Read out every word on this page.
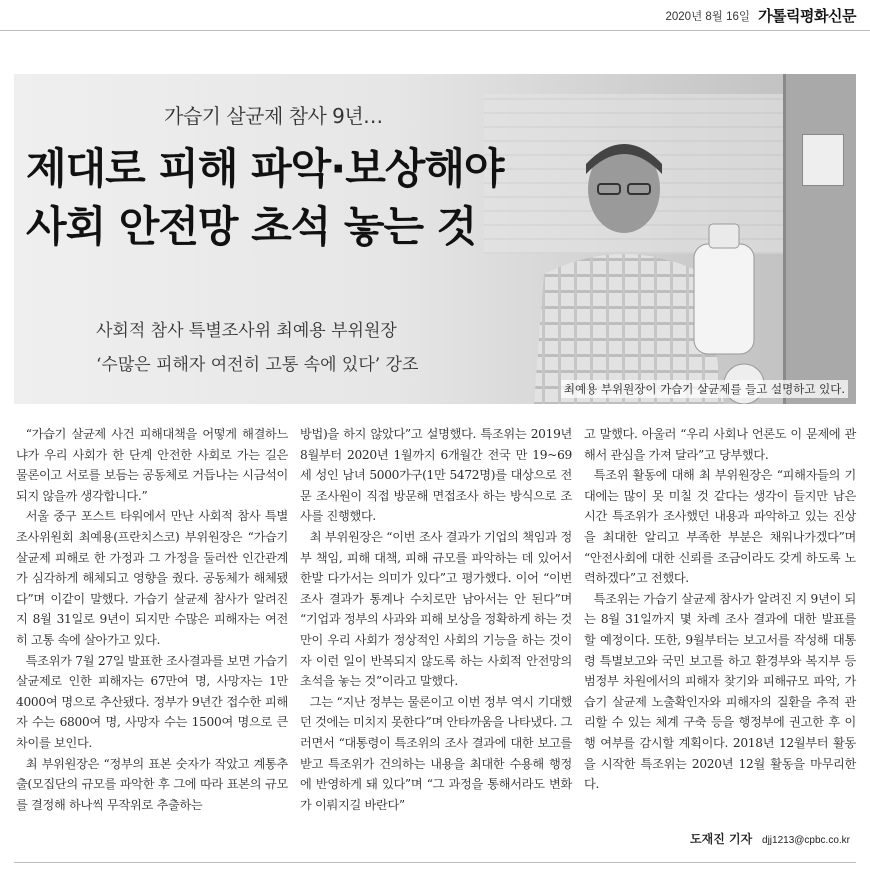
2020년 8월 16일 가톨릭평화신문
가습기 살균제 참사 9년…
제대로 피해 파악·보상해야
사회 안전망 초석 놓는 것
사회적 참사 특별조사위 최예용 부위원장
‘수많은 피해자 여전히 고통 속에 있다’ 강조
최예용 부위원장이 가습기 살균제를 들고 설명하고 있다.

“가습기 살균제 사건 피해대책을 어떻게 해결하느냐가 우리 사회가 한 단계 안전한 사회로 가는 길은 물론이고 서로를 보듬는 공동체로 거듭나는 시금석이 되지 않을까 생각합니다.”

서울 중구 포스트 타워에서 만난 사회적 참사 특별조사위원회 최예용(프란치스코) 부위원장은 “가습기 살균제 피해로 한 가정과 그 가정을 둘러싼 인간관계가 심각하게 해체되고 영향을 줬다. 공동체가 해체됐다”며 이같이 말했다. 가습기 살균제 참사가 알려진 지 8월 31일로 9년이 되지만 수많은 피해자는 여전히 고통 속에 살아가고 있다.

특조위가 7월 27일 발표한 조사결과를 보면 가습기 살균제로 인한 피해자는 67만여 명, 사망자는 1만 4000여 명으로 추산됐다. 정부가 9년간 접수한 피해자 수는 6800여 명, 사망자 수는 1500여 명으로 큰 차이를 보인다.

최 부위원장은 “정부의 표본 숫자가 작았고 계통추출(모집단의 규모를 파악한 후 그에 따라 표본의 규모를 결정해 하나씩 무작위로 추출하는

방법)을 하지 않았다”고 설명했다. 특조위는 2019년 8월부터 2020년 1월까지 6개월간 전국 만 19~69세 성인 남녀 5000가구(1만 5472명)를 대상으로 전문 조사원이 직접 방문해 면접조사 하는 방식으로 조사를 진행했다.

최 부위원장은 “이번 조사 결과가 기업의 책임과 정부 책임, 피해 대책, 피해 규모를 파악하는 데 있어서 한발 다가서는 의미가 있다”고 평가했다. 이어 “이번 조사 결과가 통계나 수치로만 남아서는 안 된다”며 “기업과 정부의 사과와 피해 보상을 정확하게 하는 것만이 우리 사회가 정상적인 사회의 기능을 하는 것이자 이런 일이 반복되지 않도록 하는 사회적 안전망의 초석을 놓는 것”이라고 말했다.

그는 “지난 정부는 물론이고 이번 정부 역시 기대했던 것에는 미치지 못한다”며 안타까움을 나타냈다. 그러면서 “대통령이 특조위의 조사 결과에 대한 보고를 받고 특조위가 건의하는 내용을 최대한 수용해 행정에 반영하게 돼 있다”며 “그 과정을 통해서라도 변화가 이뤄지길 바란다”

고 말했다. 아울러 “우리 사회나 언론도 이 문제에 관해서 관심을 가져 달라”고 당부했다.

특조위 활동에 대해 최 부위원장은 “피해자들의 기대에는 많이 못 미칠 것 같다는 생각이 들지만 남은 시간 특조위가 조사했던 내용과 파악하고 있는 진상을 최대한 알리고 부족한 부분은 채워나가겠다”며 “안전사회에 대한 신뢰를 조금이라도 갖게 하도록 노력하겠다”고 전했다.

특조위는 가습기 살균제 참사가 알려진 지 9년이 되는 8월 31일까지 몇 차례 조사 결과에 대한 발표를 할 예정이다. 또한, 9월부터는 보고서를 작성해 대통령 특별보고와 국민 보고를 하고 환경부와 복지부 등 범정부 차원에서의 피해자 찾기와 피해규모 파악, 가습기 살균제 노출확인자와 피해자의 질환을 추적 관리할 수 있는 체계 구축 등을 행정부에 권고한 후 이행 여부를 감시할 계획이다. 2018년 12월부터 활동을 시작한 특조위는 2020년 12월 활동을 마무리한다.

도재진 기자 djj1213@cpbc.co.kr
